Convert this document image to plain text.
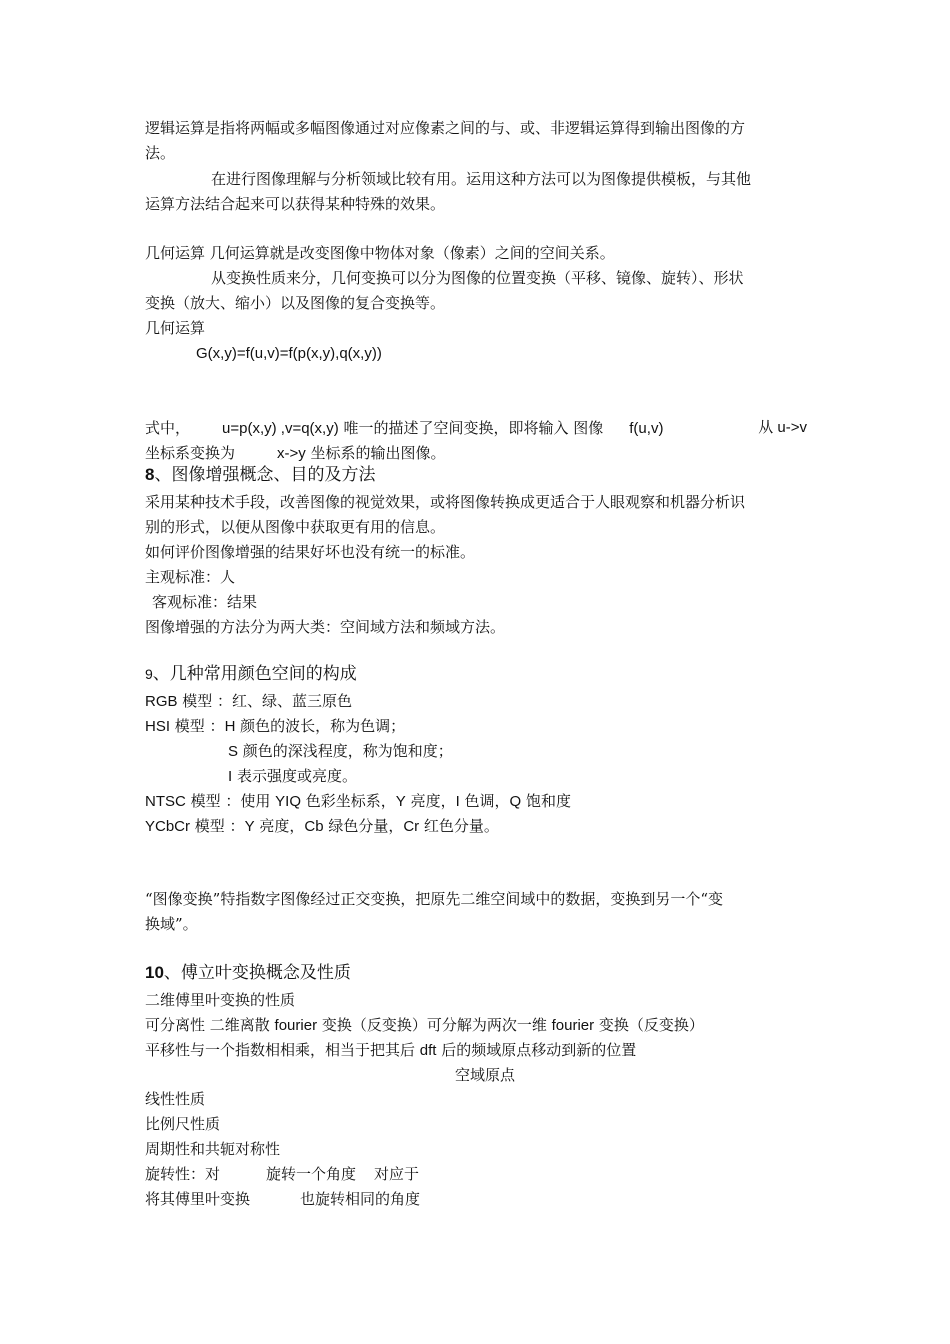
逻辑运算是指将两幅或多幅图像通过对应像素之间的与、或、非逻辑运算得到输出图像的方
法。
在进行图像理解与分析领域比较有用。运用这种方法可以为图像提供模板，与其他
运算方法结合起来可以获得某种特殊的效果。
几何运算 几何运算就是改变图像中物体对象（像素）之间的空间关系。
从变换性质来分，几何变换可以分为图像的位置变换（平移、镜像、旋转）、形状
变换（放大、缩小）以及图像的复合变换等。
几何运算
G(x,y)=f(u,v)=f(p(x,y),q(x,y))
式中， u=p(x,y) ,v=q(x,y) 唯一的描述了空间变换，即将输入 图像 f(u,v)	从 u->v
坐标系变换为	x->y 坐标系的输出图像。
8、图像增强概念、目的及方法
采用某种技术手段，改善图像的视觉效果，或将图像转换成更适合于人眼观察和机器分析识
别的形式，以便从图像中获取更有用的信息。
如何评价图像增强的结果好坏也没有统一的标准。
主观标准：人
客观标准：结果
图像增强的方法分为两大类：空间域方法和频域方法。
9、几种常用颜色空间的构成
RGB 模型 ：红、绿、蓝三原色
HSI 模型 ：H 颜色的波长，称为色调；
S 颜色的深浅程度，称为饱和度；
I 表示强度或亮度。
NTSC 模型 ：使用 YIQ 色彩坐标系，Y 亮度，I 色调，Q 饱和度
YCbCr 模型 ：Y 亮度，Cb 绿色分量，Cr 红色分量。
“图像变换”特指数字图像经过正交变换，把原先二维空间域中的数据，变换到另一个“变
换域”。
10、傅立叶变换概念及性质
二维傅里叶变换的性质
可分离性 二维离散 fourier 变换（反变换）可分解为两次一维 fourier 变换（反变换）
平移性与一个指数相相乘，相当于把其后 dft 后的频域原点移动到新的位置
空域原点
线性性质
比例尺性质
周期性和共轭对称性
旋转性：对	旋转一个角度 对应于
将其傅里叶变换	也旋转相同的角度
